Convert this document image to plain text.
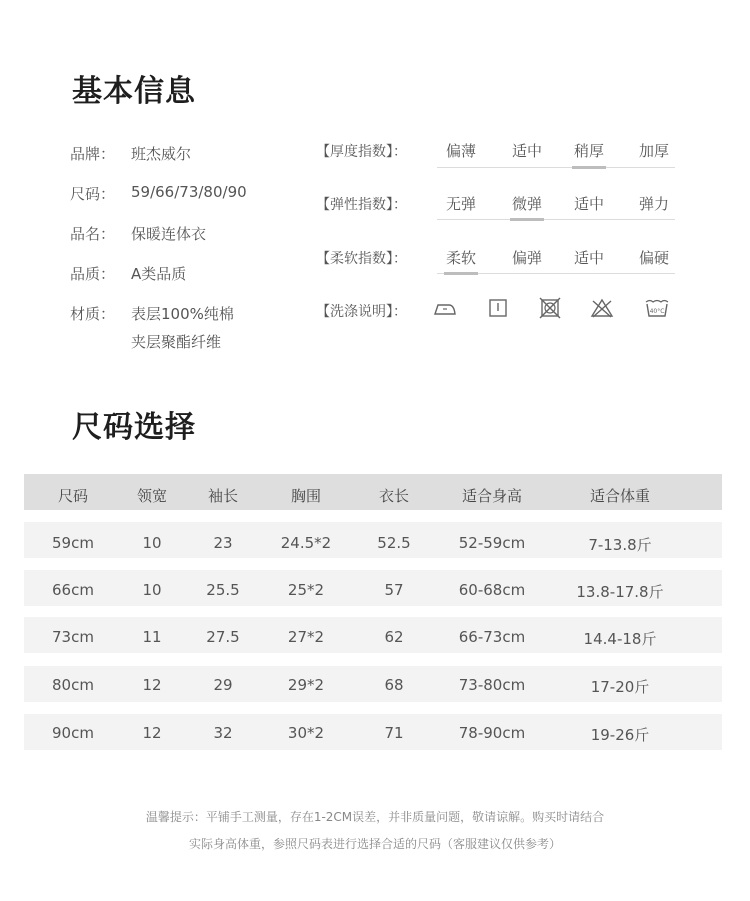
基本信息
品牌： 班杰威尔
尺码： 59/66/73/80/90
品名： 保暖连体衣
品质： A类品质
材质： 表层100%纯棉
夹层聚酯纤维
【厚度指数】：	偏薄	适中	稍厚	加厚
【弹性指数】：	无弹	微弹	适中	弹力
【柔软指数】：	柔软	偏弹	适中	偏硬
【洗涤说明】：	40°C
尺码选择
尺码	领宽	袖长	胸围	衣长	适合身高	适合体重
59cm	10	23	24.5*2	52.5	52-59cm	7-13.8斤
66cm	10	25.5	25*2	57	60-68cm	13.8-17.8斤
73cm	11	27.5	27*2	62	66-73cm	14.4-18斤
80cm	12	29	29*2	68	73-80cm	17-20斤
90cm	12	32	30*2	71	78-90cm	19-26斤
温馨提示：平铺手工测量，存在1-2CM误差，并非质量问题，敬请谅解。购买时请结合
实际身高体重，参照尺码表进行选择合适的尺码（客服建议仅供参考）
